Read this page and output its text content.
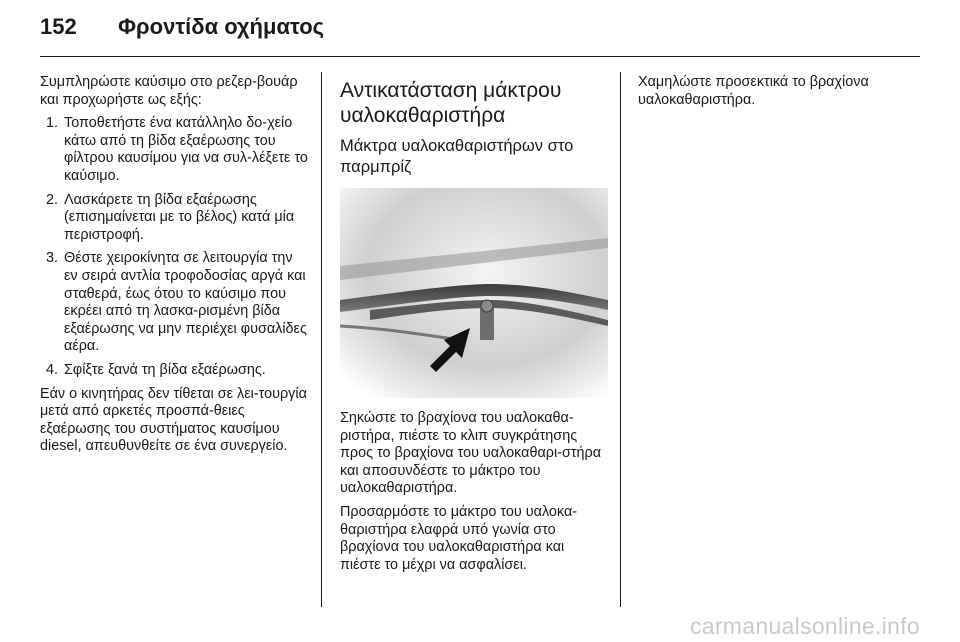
152 Φροντίδα οχήματος

Συμπληρώστε καύσιμο στο ρεζερ-βουάρ και προχωρήστε ως εξής:

1. Τοποθετήστε ένα κατάλληλο δο-χείο κάτω από τη βίδα εξαέρωσης του φίλτρου καυσίμου για να συλ-λέξετε το καύσιμο.
2. Λασκάρετε τη βίδα εξαέρωσης (επισημαίνεται με το βέλος) κατά μία περιστροφή.
3. Θέστε χειροκίνητα σε λειτουργία την εν σειρά αντλία τροφοδοσίας αργά και σταθερά, έως ότου το καύσιμο που εκρέει από τη λασκα-ρισμένη βίδα εξαέρωσης να μην περιέχει φυσαλίδες αέρα.
4. Σφίξτε ξανά τη βίδα εξαέρωσης.

Εάν ο κινητήρας δεν τίθεται σε λει-τουργία μετά από αρκετές προσπά-θειες εξαέρωσης του συστήματος καυσίμου diesel, απευθυνθείτε σε ένα συνεργείο.

Αντικατάσταση μάκτρου υαλοκαθαριστήρα
Μάκτρα υαλοκαθαριστήρων στο παρμπρίζ

Σηκώστε το βραχίονα του υαλοκαθα-ριστήρα, πιέστε το κλιπ συγκράτησης προς το βραχίονα του υαλοκαθαρι-στήρα και αποσυνδέστε το μάκτρο του υαλοκαθαριστήρα.

Προσαρμόστε το μάκτρο του υαλοκα-θαριστήρα ελαφρά υπό γωνία στο βραχίονα του υαλοκαθαριστήρα και πιέστε το μέχρι να ασφαλίσει.

Χαμηλώστε προσεκτικά το βραχίονα υαλοκαθαριστήρα.

carmanualsonline.info
